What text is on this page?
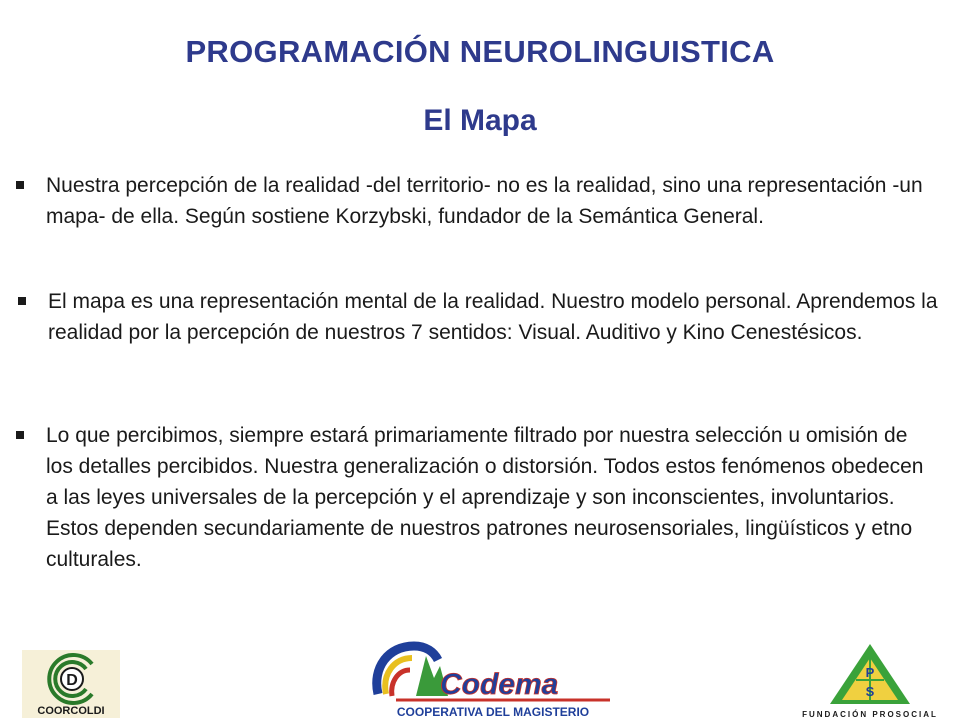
PROGRAMACIÓN NEUROLINGUISTICA
El Mapa
Nuestra percepción de la realidad -del territorio- no es la realidad, sino una representación -un mapa- de ella. Según sostiene Korzybski, fundador de la Semántica General.
El mapa es una representación mental de la realidad. Nuestro modelo personal. Aprendemos la realidad por la percepción de nuestros 7 sentidos: Visual. Auditivo y Kino Cenestésicos.
Lo que percibimos, siempre estará primariamente filtrado por nuestra selección u omisión de los detalles percibidos. Nuestra generalización o distorsión. Todos estos fenómenos obedecen a las leyes universales de la percepción y el aprendizaje y son inconscientes, involuntarios. Estos dependen secundariamente de nuestros patrones neurosensoriales, lingüísticos y etno culturales.
D
COORCOLDI
Codema
COOPERATIVA DEL MAGISTERIO
P
S
FUNDACIÓN PROSOCIAL
